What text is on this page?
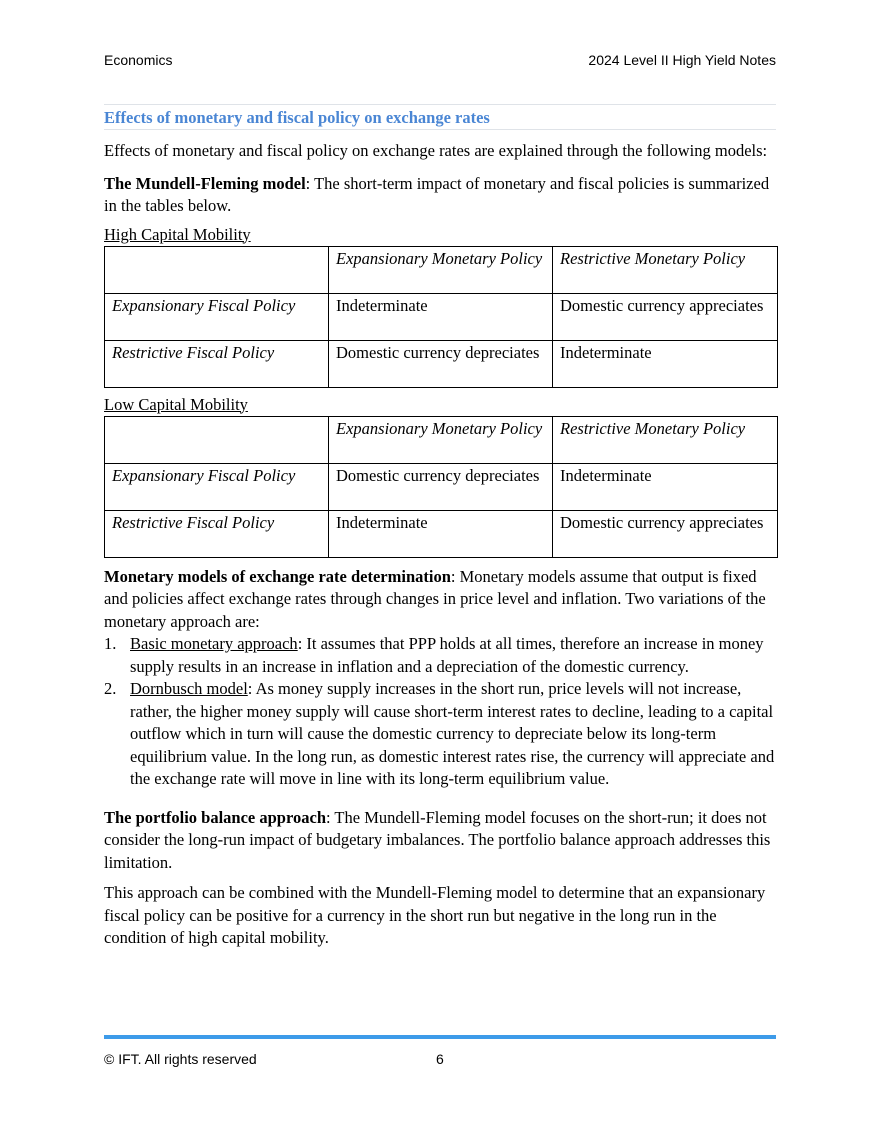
Economics	2024 Level II High Yield Notes
Effects of monetary and fiscal policy on exchange rates

Effects of monetary and fiscal policy on exchange rates are explained through the following models:

The Mundell-Fleming model: The short-term impact of monetary and fiscal policies is summarized in the tables below.

High Capital Mobility
	Expansionary Monetary Policy	Restrictive Monetary Policy
Expansionary Fiscal Policy	Indeterminate	Domestic currency appreciates
Restrictive Fiscal Policy	Domestic currency depreciates	Indeterminate
Low Capital Mobility
	Expansionary Monetary Policy	Restrictive Monetary Policy
Expansionary Fiscal Policy	Domestic currency depreciates	Indeterminate
Restrictive Fiscal Policy	Indeterminate	Domestic currency appreciates

Monetary models of exchange rate determination: Monetary models assume that output is fixed and policies affect exchange rates through changes in price level and inflation. Two variations of the monetary approach are:

1. Basic monetary approach: It assumes that PPP holds at all times, therefore an increase in money supply results in an increase in inflation and a depreciation of the domestic currency.
2. Dornbusch model: As money supply increases in the short run, price levels will not increase, rather, the higher money supply will cause short-term interest rates to decline, leading to a capital outflow which in turn will cause the domestic currency to depreciate below its long-term equilibrium value. In the long run, as domestic interest rates rise, the currency will appreciate and the exchange rate will move in line with its long-term equilibrium value.

The portfolio balance approach: The Mundell-Fleming model focuses on the short-run; it does not consider the long-run impact of budgetary imbalances. The portfolio balance approach addresses this limitation.

This approach can be combined with the Mundell-Fleming model to determine that an expansionary fiscal policy can be positive for a currency in the short run but negative in the long run in the condition of high capital mobility.

© IFT. All rights reserved	6
